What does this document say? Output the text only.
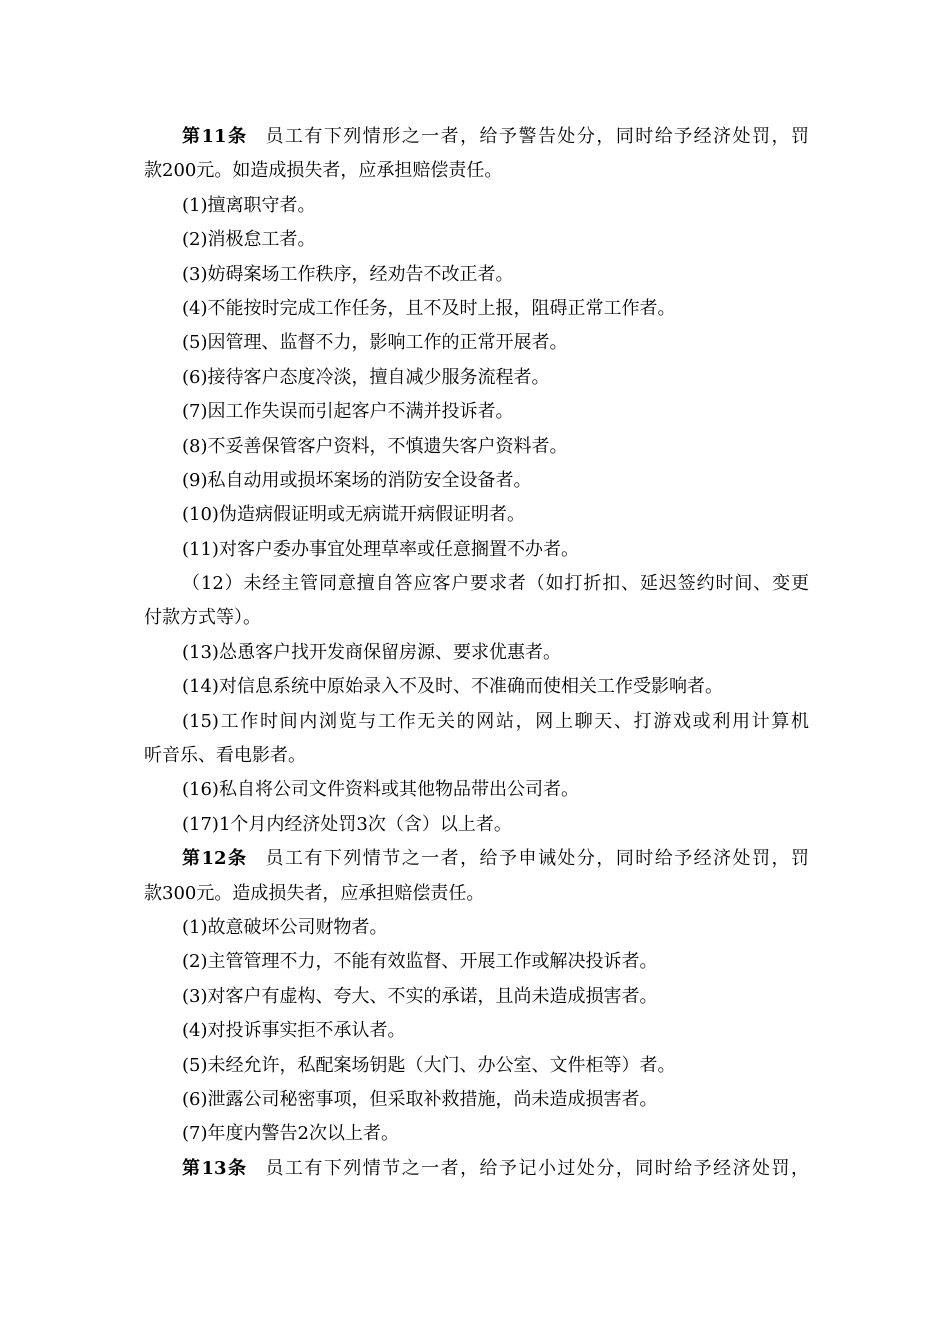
第11条 员工有下列情形之一者，给予警告处分，同时给予经济处罚，罚
款200元。如造成损失者，应承担赔偿责任。
(1)擅离职守者。
(2)消极怠工者。
(3)妨碍案场工作秩序，经劝告不改正者。
(4)不能按时完成工作任务，且不及时上报，阻碍正常工作者。
(5)因管理、监督不力，影响工作的正常开展者。
(6)接待客户态度冷淡，擅自减少服务流程者。
(7)因工作失误而引起客户不满并投诉者。
(8)不妥善保管客户资料，不慎遗失客户资料者。
(9)私自动用或损坏案场的消防安全设备者。
(10)伪造病假证明或无病谎开病假证明者。
(11)对客户委办事宜处理草率或任意搁置不办者。
（12）未经主管同意擅自答应客户要求者（如打折扣、延迟签约时间、变更
付款方式等）。
(13)怂恿客户找开发商保留房源、要求优惠者。
(14)对信息系统中原始录入不及时、不准确而使相关工作受影响者。
(15)工作时间内浏览与工作无关的网站，网上聊天、打游戏或利用计算机
听音乐、看电影者。
(16)私自将公司文件资料或其他物品带出公司者。
(17)1个月内经济处罚3次（含）以上者。
第12条 员工有下列情节之一者，给予申诫处分，同时给予经济处罚，罚
款300元。造成损失者，应承担赔偿责任。
(1)故意破坏公司财物者。
(2)主管管理不力，不能有效监督、开展工作或解决投诉者。
(3)对客户有虚构、夸大、不实的承诺，且尚未造成损害者。
(4)对投诉事实拒不承认者。
(5)未经允许，私配案场钥匙（大门、办公室、文件柜等）者。
(6)泄露公司秘密事项，但采取补救措施，尚未造成损害者。
(7)年度内警告2次以上者。
第13条 员工有下列情节之一者，给予记小过处分，同时给予经济处罚，
